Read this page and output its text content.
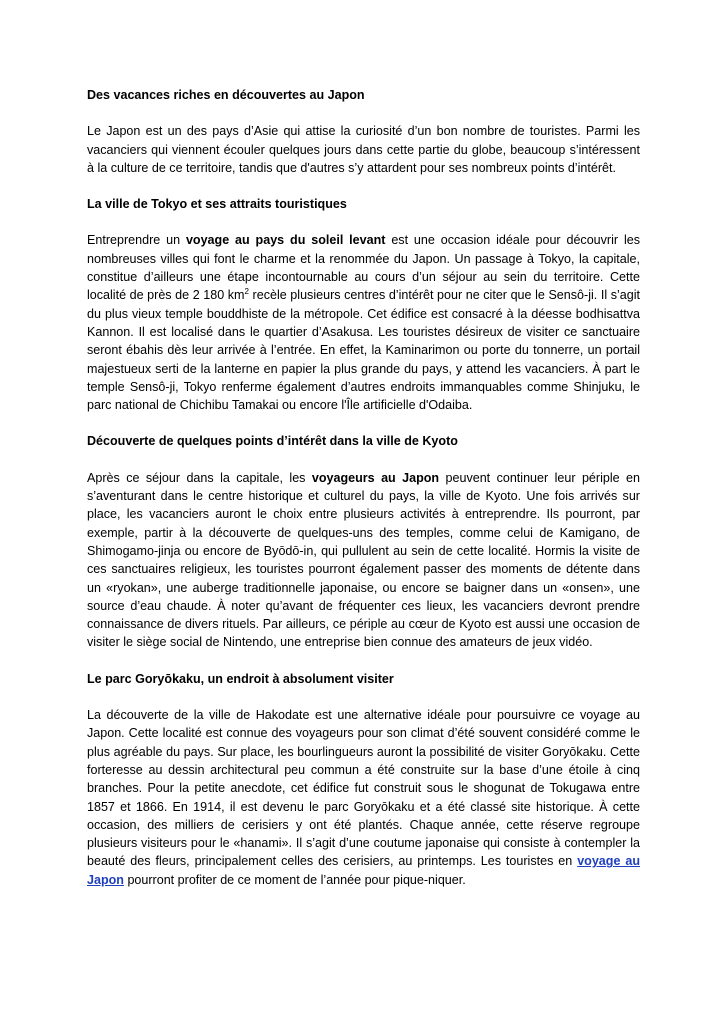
Des vacances riches en découvertes au Japon

Le Japon est un des pays d’Asie qui attise la curiosité d’un bon nombre de touristes. Parmi les vacanciers qui viennent écouler quelques jours dans cette partie du globe, beaucoup s’intéressent à la culture de ce territoire, tandis que d'autres s’y attardent pour ses nombreux points d’intérêt.

La ville de Tokyo et ses attraits touristiques

Entreprendre un voyage au pays du soleil levant est une occasion idéale pour découvrir les nombreuses villes qui font le charme et la renommée du Japon. Un passage à Tokyo, la capitale, constitue d’ailleurs une étape incontournable au cours d’un séjour au sein du territoire. Cette localité de près de 2 180 $km^2$ recèle plusieurs centres d’intérêt pour ne citer que le Sensô-ji. Il s’agit du plus vieux temple bouddhiste de la métropole. Cet édifice est consacré à la déesse bodhisattva Kannon. Il est localisé dans le quartier d’Asakusa. Les touristes désireux de visiter ce sanctuaire seront ébahis dès leur arrivée à l’entrée. En effet, la Kaminarimon ou porte du tonnerre, un portail majestueux serti de la lanterne en papier la plus grande du pays, y attend les vacanciers. À part le temple Sensô-ji, Tokyo renferme également d’autres endroits immanquables comme Shinjuku, le parc national de Chichibu Tamakai ou encore l'Île artificielle d'Odaiba.

Découverte de quelques points d’intérêt dans la ville de Kyoto

Après ce séjour dans la capitale, les voyageurs au Japon peuvent continuer leur périple en s’aventurant dans le centre historique et culturel du pays, la ville de Kyoto. Une fois arrivés sur place, les vacanciers auront le choix entre plusieurs activités à entreprendre. Ils pourront, par exemple, partir à la découverte de quelques-uns des temples, comme celui de Kamigano, de Shimogamo-jinja ou encore de Byōdō-in, qui pullulent au sein de cette localité. Hormis la visite de ces sanctuaires religieux, les touristes pourront également passer des moments de détente dans un «ryokan», une auberge traditionnelle japonaise, ou encore se baigner dans un «onsen», une source d’eau chaude. À noter qu’avant de fréquenter ces lieux, les vacanciers devront prendre connaissance de divers rituels. Par ailleurs, ce périple au cœur de Kyoto est aussi une occasion de visiter le siège social de Nintendo, une entreprise bien connue des amateurs de jeux vidéo.

Le parc Goryōkaku, un endroit à absolument visiter

La découverte de la ville de Hakodate est une alternative idéale pour poursuivre ce voyage au Japon. Cette localité est connue des voyageurs pour son climat d’été souvent considéré comme le plus agréable du pays. Sur place, les bourlingueurs auront la possibilité de visiter Goryōkaku. Cette forteresse au dessin architectural peu commun a été construite sur la base d’une étoile à cinq branches. Pour la petite anecdote, cet édifice fut construit sous le shogunat de Tokugawa entre 1857 et 1866. En 1914, il est devenu le parc Goryōkaku et a été classé site historique. À cette occasion, des milliers de cerisiers y ont été plantés. Chaque année, cette réserve regroupe plusieurs visiteurs pour le «hanami». Il s’agit d’une coutume japonaise qui consiste à contempler la beauté des fleurs, principalement celles des cerisiers, au printemps. Les touristes en voyage au Japon pourront profiter de ce moment de l’année pour pique-niquer.
